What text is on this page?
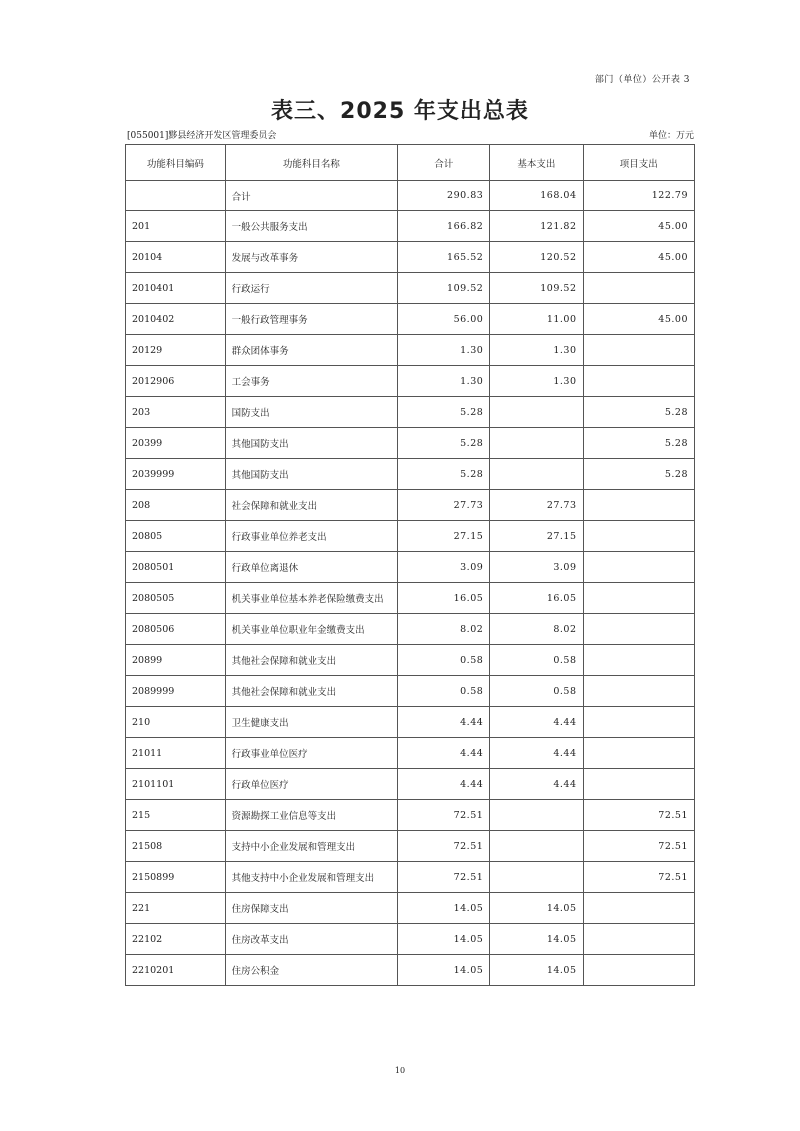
部门（单位）公开表 3
表三、2025 年支出总表
[055001]黟县经济开发区管理委员会	单位：万元
功能科目编码	功能科目名称	合计	基本支出	项目支出
	合计	290.83	168.04	122.79
201	一般公共服务支出	166.82	121.82	45.00
20104	发展与改革事务	165.52	120.52	45.00
2010401	行政运行	109.52	109.52	
2010402	一般行政管理事务	56.00	11.00	45.00
20129	群众团体事务	1.30	1.30	
2012906	工会事务	1.30	1.30	
203	国防支出	5.28		5.28
20399	其他国防支出	5.28		5.28
2039999	其他国防支出	5.28		5.28
208	社会保障和就业支出	27.73	27.73	
20805	行政事业单位养老支出	27.15	27.15	
2080501	行政单位离退休	3.09	3.09	
2080505	机关事业单位基本养老保险缴费支出	16.05	16.05	
2080506	机关事业单位职业年金缴费支出	8.02	8.02	
20899	其他社会保障和就业支出	0.58	0.58	
2089999	其他社会保障和就业支出	0.58	0.58	
210	卫生健康支出	4.44	4.44	
21011	行政事业单位医疗	4.44	4.44	
2101101	行政单位医疗	4.44	4.44	
215	资源勘探工业信息等支出	72.51		72.51
21508	支持中小企业发展和管理支出	72.51		72.51
2150899	其他支持中小企业发展和管理支出	72.51		72.51
221	住房保障支出	14.05	14.05	
22102	住房改革支出	14.05	14.05	
2210201	住房公积金	14.05	14.05	
10
